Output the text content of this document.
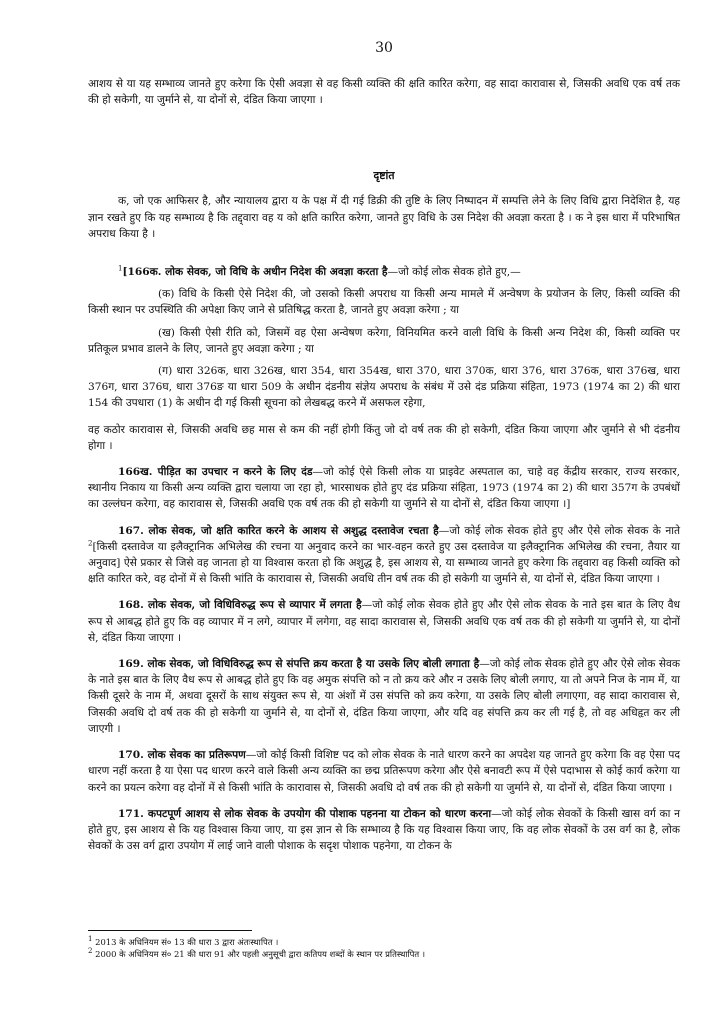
30

आशय से या यह सम्भाव्य जानते हुए करेगा कि ऐसी अवज्ञा से वह किसी व्यक्ति की क्षति कारित करेगा, वह सादा कारावास से, जिसकी अवधि एक वर्ष तक की हो सकेगी, या जुर्माने से, या दोनों से, दंडित किया जाएगा ।

दृष्टांत

क, जो एक आफिसर है, और न्यायालय द्वारा य के पक्ष में दी गई डिक्री की तुष्टि के लिए निष्पादन में सम्पत्ति लेने के लिए विधि द्वारा निदेशित है, यह ज्ञान रखते हुए कि यह सम्भाव्य है कि तद्द्वारा वह य को क्षति कारित करेगा, जानते हुए विधि के उस निदेश की अवज्ञा करता है । क ने इस धारा में परिभाषित अपराध किया है ।

$^1$[166क. लोक सेवक, जो विधि के अधीन निदेश की अवज्ञा करता है—जो कोई लोक सेवक होते हुए,—

(क) विधि के किसी ऐसे निदेश की, जो उसको किसी अपराध या किसी अन्य मामले में अन्वेषण के प्रयोजन के लिए, किसी व्यक्ति की किसी स्थान पर उपस्थिति की अपेक्षा किए जाने से प्रतिषिद्ध करता है, जानते हुए अवज्ञा करेगा ; या

(ख) किसी ऐसी रीति को, जिसमें वह ऐसा अन्वेषण करेगा, विनियमित करने वाली विधि के किसी अन्य निदेश की, किसी व्यक्ति पर प्रतिकूल प्रभाव डालने के लिए, जानते हुए अवज्ञा करेगा ; या

(ग) धारा 326क, धारा 326ख, धारा 354, धारा 354ख, धारा 370, धारा 370क, धारा 376, धारा 376क, धारा 376ख, धारा 376ग, धारा 376घ, धारा 376ङ या धारा 509 के अधीन दंडनीय संज्ञेय अपराध के संबंध में उसे दंड प्रक्रिया संहिता, 1973 (1974 का 2) की धारा 154 की उपधारा (1) के अधीन दी गई किसी सूचना को लेखबद्ध करने में असफल रहेगा,

वह कठोर कारावास से, जिसकी अवधि छह मास से कम की नहीं होगी किंतु जो दो वर्ष तक की हो सकेगी, दंडित किया जाएगा और जुर्माने से भी दंडनीय होगा ।

166ख. पीड़ित का उपचार न करने के लिए दंड—जो कोई ऐसे किसी लोक या प्राइवेट अस्पताल का, चाहे वह केंद्रीय सरकार, राज्य सरकार, स्थानीय निकाय या किसी अन्य व्यक्ति द्वारा चलाया जा रहा हो, भारसाधक होते हुए दंड प्रक्रिया संहिता, 1973 (1974 का 2) की धारा 357ग के उपबंधों का उल्लंघन करेगा, वह कारावास से, जिसकी अवधि एक वर्ष तक की हो सकेगी या जुर्माने से या दोनों से, दंडित किया जाएगा ।]

167. लोक सेवक, जो क्षति कारित करने के आशय से अशुद्ध दस्तावेज रचता है—जो कोई लोक सेवक होते हुए और ऐसे लोक सेवक के नाते $^2$[किसी दस्तावेज या इलैक्ट्रानिक अभिलेख की रचना या अनुवाद करने का भार-वहन करते हुए उस दस्तावेज या इलैक्ट्रानिक अभिलेख की रचना, तैयार या अनुवाद] ऐसे प्रकार से जिसे वह जानता हो या विश्वास करता हो कि अशुद्ध है, इस आशय से, या सम्भाव्य जानते हुए करेगा कि तद्द्वारा वह किसी व्यक्ति को क्षति कारित करे, वह दोनों में से किसी भांति के कारावास से, जिसकी अवधि तीन वर्ष तक की हो सकेगी या जुर्माने से, या दोनों से, दंडित किया जाएगा ।

168. लोक सेवक, जो विधिविरुद्ध रूप से व्यापार में लगता है—जो कोई लोक सेवक होते हुए और ऐसे लोक सेवक के नाते इस बात के लिए वैध रूप से आबद्ध होते हुए कि वह व्यापार में न लगे, व्यापार में लगेगा, वह सादा कारावास से, जिसकी अवधि एक वर्ष तक की हो सकेगी या जुर्माने से, या दोनों से, दंडित किया जाएगा ।

169. लोक सेवक, जो विधिविरुद्ध रूप से संपत्ति क्रय करता है या उसके लिए बोली लगाता है—जो कोई लोक सेवक होते हुए और ऐसे लोक सेवक के नाते इस बात के लिए वैध रूप से आबद्ध होते हुए कि वह अमुक संपत्ति को न तो क्रय करे और न उसके लिए बोली लगाए, या तो अपने निज के नाम में, या किसी दूसरे के नाम में, अथवा दूसरों के साथ संयुक्त रूप से, या अंशों में उस संपत्ति को क्रय करेगा, या उसके लिए बोली लगाएगा, वह सादा कारावास से, जिसकी अवधि दो वर्ष तक की हो सकेगी या जुर्माने से, या दोनों से, दंडित किया जाएगा, और यदि वह संपत्ति क्रय कर ली गई है, तो वह अधिहृत कर ली जाएगी ।

170. लोक सेवक का प्रतिरूपण—जो कोई किसी विशिष्ट पद को लोक सेवक के नाते धारण करने का अपदेश यह जानते हुए करेगा कि वह ऐसा पद धारण नहीं करता है या ऐसा पद धारण करने वाले किसी अन्य व्यक्ति का छद्म प्रतिरूपण करेगा और ऐसे बनावटी रूप में ऐसे पदाभास से कोई कार्य करेगा या करने का प्रयत्न करेगा वह दोनों में से किसी भांति के कारावास से, जिसकी अवधि दो वर्ष तक की हो सकेगी या जुर्माने से, या दोनों से, दंडित किया जाएगा ।

171. कपटपूर्ण आशय से लोक सेवक के उपयोग की पोशाक पहनना या टोकन को धारण करना—जो कोई लोक सेवकों के किसी खास वर्ग का न होते हुए, इस आशय से कि यह विश्वास किया जाए, या इस ज्ञान से कि सम्भाव्य है कि यह विश्वास किया जाए, कि वह लोक सेवकों के उस वर्ग का है, लोक सेवकों के उस वर्ग द्वारा उपयोग में लाई जाने वाली पोशाक के सदृश पोशाक पहनेगा, या टोकन के

$^1$ 2013 के अधिनियम सं० 13 की धारा 3 द्वारा अंतःस्थापित ।

$^2$ 2000 के अधिनियम सं० 21 की धारा 91 और पहली अनुसूची द्वारा कतिपय शब्दों के स्थान पर प्रतिस्थापित ।
